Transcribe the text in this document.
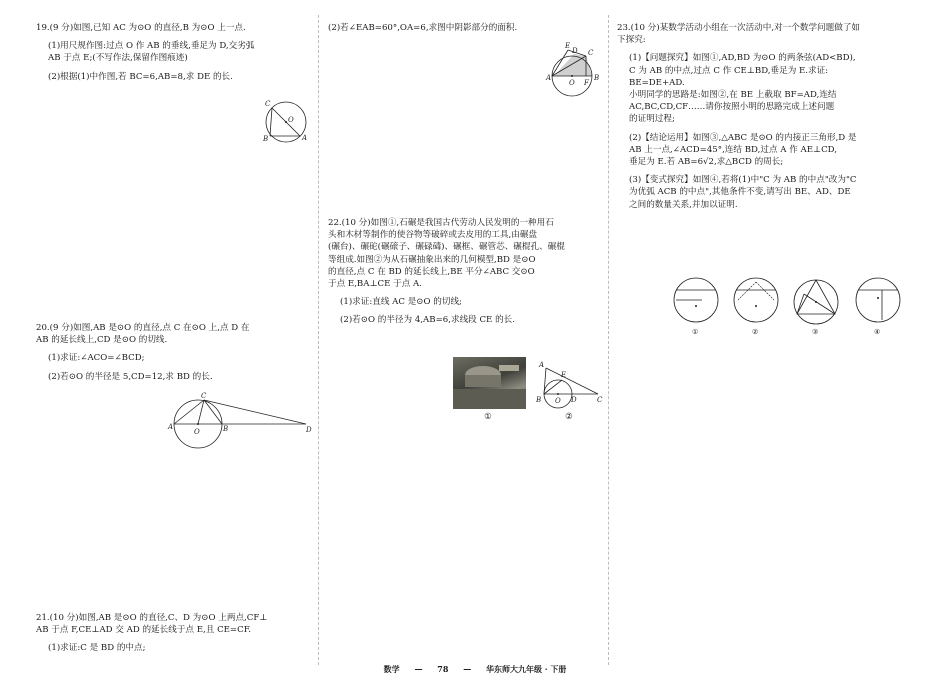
19.(9 分)如图,已知 AC 为⊙O 的直径,B 为⊙O 上一点.

(1)用尺规作图:过点 O 作 AB 的垂线,垂足为 D,交劣弧

AB 于点 E;(不写作法,保留作图痕迹)

(2)根据(1)中作图,若 BC=6,AB=8,求 DE 的长.

C
B
O
A

20.(9 分)如图,AB 是⊙O 的直径,点 C 在⊙O 上,点 D 在

AB 的延长线上,CD 是⊙O 的切线.

(1)求证:∠ACO=∠BCD;

(2)若⊙O 的半径是 5,CD=12,求 BD 的长.

C
A
O	B	D

21.(10 分)如图,AB 是⊙O 的直径,C、D 为⊙O 上两点,CF⊥

AB 于点 F,CE⊥AD 交 AD 的延长线于点 E,且 CE=CF.

(1)求证:C 是 BD 的中点;

(2)若∠EAB=60°,OA=6,求图中阴影部分的面积.

E
D C
A
O F
B

22.(10 分)如图①,石碾是我国古代劳动人民发明的一种用石

头和木材等制作的使谷物等破碎或去皮用的工具,由碾盘

(碾台)、碾砣(碾磙子、碾碌碡)、碾框、碾管芯、碾棍孔、碾棍

等组成.如图②为从石碾抽象出来的几何模型,BD 是⊙O

的直径,点 C 在 BD 的延长线上,BE 平分∠ABC 交⊙O

于点 E,BA⊥CE 于点 A.

(1)求证:直线 AC 是⊙O 的切线;

(2)若⊙O 的半径为 4,AB=6,求线段 CE 的长.

①
A
E
B O D	C
②

23.(10 分)某数学活动小组在一次活动中,对一个数学问题做了如

下探究:

(1)【问题探究】如图①,AD,BD 为⊙O 的两条弦(AD<BD),

C 为 AB 的中点,过点 C 作 CE⊥BD,垂足为 E.求证:

BE=DE+AD.

小明同学的思路是:如图②,在 BE 上截取 BF=AD,连结

AC,BC,CD,CF……请你按照小明的思路完成上述问题

的证明过程;

(2)【结论运用】如图③,△ABC 是⊙O 的内接正三角形,D 是

AB 上一点,∠ACD=45°,连结 BD,过点 A 作 AE⊥CD,

垂足为 E.若 AB=6√2,求△BCD 的周长;

(3)【变式探究】如图④,若将(1)中"C 为 AB 的中点"改为"C

为优弧 ACB 的中点",其他条件不变,请写出 BE、AD、DE

之间的数量关系,并加以证明.

①	②	③	④
数学 — 78 — 华东师大九年级 · 下册
